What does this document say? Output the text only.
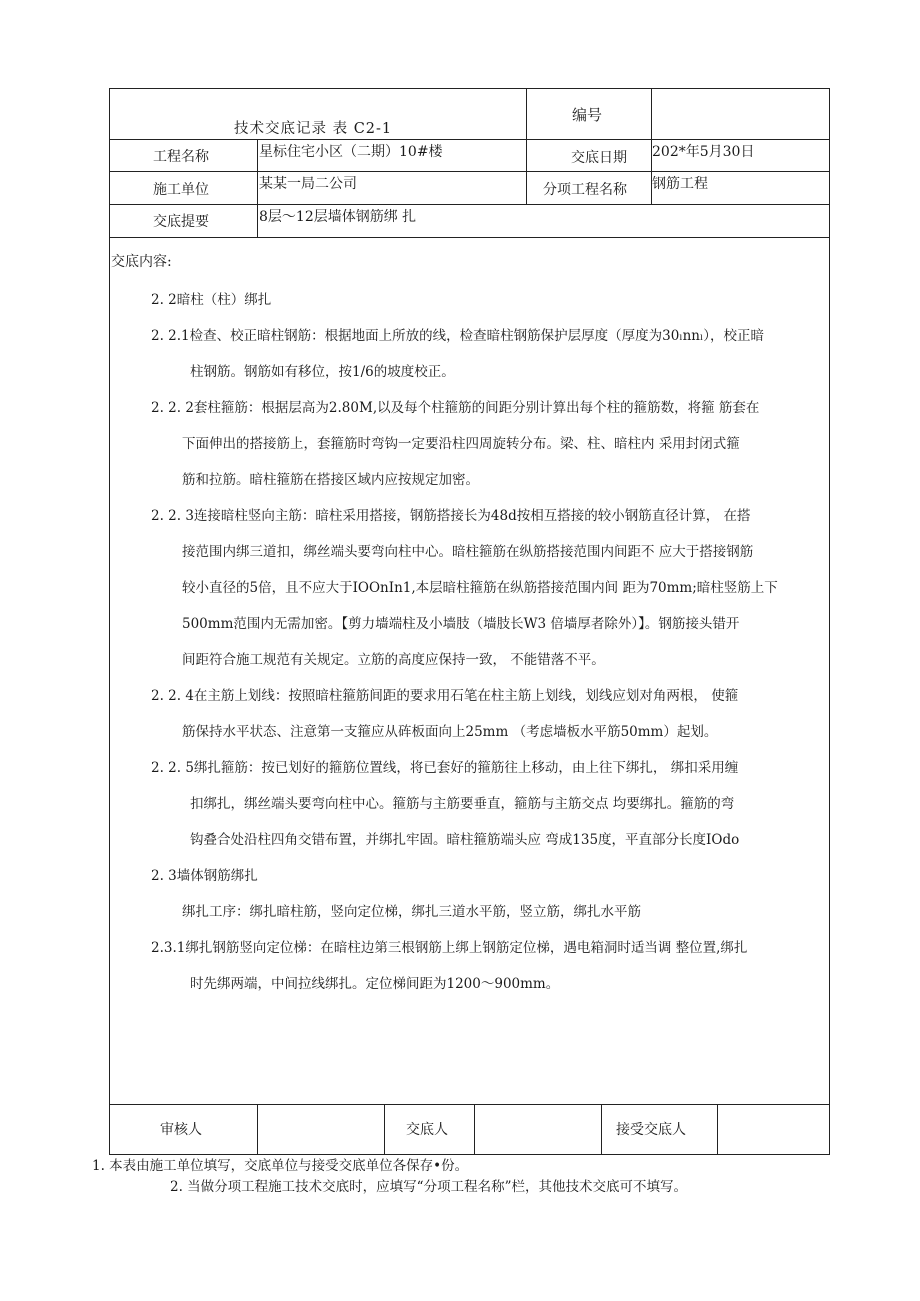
技术交底记录 表 C2-1
编号
工程名称	星标住宅小区（二期）10#楼	交底日期 202*年5月30日
施工单位	某某一局二公司	分项工程名称 钢筋工程
交底提要	8层～12层墙体钢筋绑 扎
交底内容:
2. 2暗柱（柱）绑扎
2. 2.1检查、校正暗柱钢筋：根据地面上所放的线，检查暗柱钢筋保护层厚度（厚度为30ₗnnₗ），校正暗
柱钢筋。钢筋如有移位，按1/6的坡度校正。
2. 2. 2套柱箍筋：根据层高为2.80M,以及每个柱箍筋的间距分别计算出每个柱的箍筋数，将箍 筋套在
下面伸出的搭接筋上，套箍筋时弯钩一定要沿柱四周旋转分布。梁、柱、暗柱内 采用封闭式箍
筋和拉筋。暗柱箍筋在搭接区域内应按规定加密。
2. 2. 3连接暗柱竖向主筋：暗柱采用搭接，钢筋搭接长为48d按相互搭接的较小钢筋直径计算， 在搭
接范围内绑三道扣，绑丝端头要弯向柱中心。暗柱箍筋在纵筋搭接范围内间距不 应大于搭接钢筋
较小直径的5倍，且不应大于IOOnIn1,本层暗柱箍筋在纵筋搭接范围内间 距为70mm;暗柱竖筋上下
500mm范围内无需加密。【剪力墙端柱及小墙肢（墙肢长W3 倍墙厚者除外）】。钢筋接头错开
间距符合施工规范有关规定。立筋的高度应保持一致， 不能错落不平。
2. 2. 4在主筋上划线：按照暗柱箍筋间距的要求用石笔在柱主筋上划线，划线应划对角两根， 使箍
筋保持水平状态、注意第一支箍应从砗板面向上25mm （考虑墙板水平筋50mm）起划。
2. 2. 5绑扎箍筋：按已划好的箍筋位置线，将已套好的箍筋往上移动，由上往下绑扎， 绑扣采用缠
扣绑扎，绑丝端头要弯向柱中心。箍筋与主筋要垂直，箍筋与主筋交点 均要绑扎。箍筋的弯
钩叠合处沿柱四角交错布置，并绑扎牢固。暗柱箍筋端头应 弯成135度，平直部分长度IOdo
2. 3墙体钢筋绑扎
绑扎工序：绑扎暗柱筋，竖向定位梯，绑扎三道水平筋，竖立筋，绑扎水平筋
2.3.1绑扎钢筋竖向定位梯：在暗柱边第三根钢筋上绑上钢筋定位梯，遇电箱洞时适当调 整位置,绑扎
时先绑两端，中间拉线绑扎。定位梯间距为1200～900mm。
审核人	交底人	接受交底人
1. 本表由施工单位填写，交底单位与接受交底单位各保存•份。
2. 当做分项工程施工技术交底时，应填写“分项工程名称”栏，其他技术交底可不填写。
